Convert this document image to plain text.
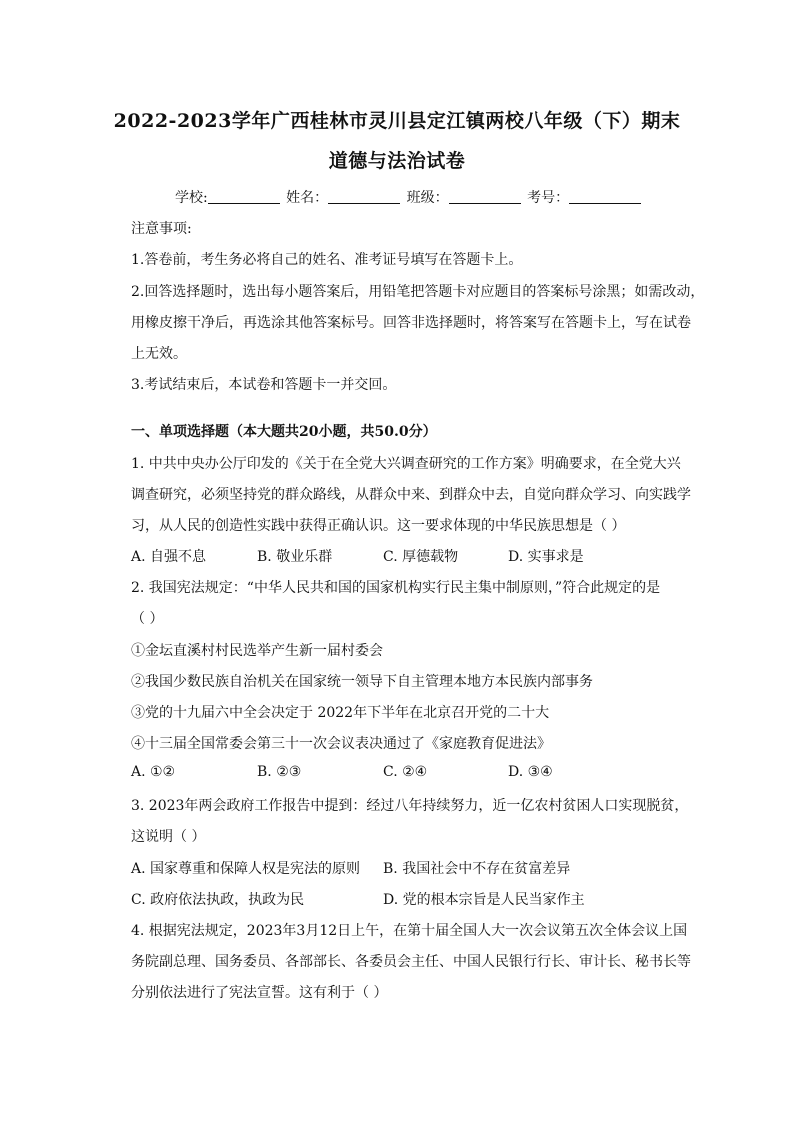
2022-2023学年广西桂林市灵川县定江镇两校八年级（下）期末
道德与法治试卷
学校:	姓名：	班级：	考号：
注意事项:
1.答卷前，考生务必将自己的姓名、准考证号填写在答题卡上。
2.回答选择题时，选出每小题答案后，用铅笔把答题卡对应题目的答案标号涂黑；如需改动，
用橡皮擦干净后，再选涂其他答案标号。回答非选择题时，将答案写在答题卡上，写在试卷
上无效。
3.考试结束后，本试卷和答题卡一并交回。
一、单项选择题（本大题共20小题，共50.0分）
1. 中共中央办公厅印发的《关于在全党大兴调查研究的工作方案》明确要求，在全党大兴
调查研究，必须坚持党的群众路线，从群众中来、到群众中去，自觉向群众学习、向实践学
习，从人民的创造性实践中获得正确认识。这一要求体现的中华民族思想是（ ）
A. 自强不息	B. 敬业乐群	C. 厚德载物	D. 实事求是
2. 我国宪法规定：“中华人民共和国的国家机构实行民主集中制原则，”符合此规定的是
（ ）
①金坛直溪村村民选举产生新一届村委会
②我国少数民族自治机关在国家统一领导下自主管理本地方本民族内部事务
③党的十九届六中全会决定于 2022年下半年在北京召开党的二十大
④十三届全国常委会第三十一次会议表决通过了《家庭教育促进法》
A. ①②	B. ②③	C. ②④	D. ③④
3. 2023年两会政府工作报告中提到：经过八年持续努力，近一亿农村贫困人口实现脱贫，
这说明（ ）
A. 国家尊重和保障人权是宪法的原则 B. 我国社会中不存在贫富差异
C. 政府依法执政，执政为民	D. 党的根本宗旨是人民当家作主
4. 根据宪法规定，2023年3月12日上午，在第十届全国人大一次会议第五次全体会议上国
务院副总理、国务委员、各部部长、各委员会主任、中国人民银行行长、审计长、秘书长等
分别依法进行了宪法宣誓。这有利于（ ）
